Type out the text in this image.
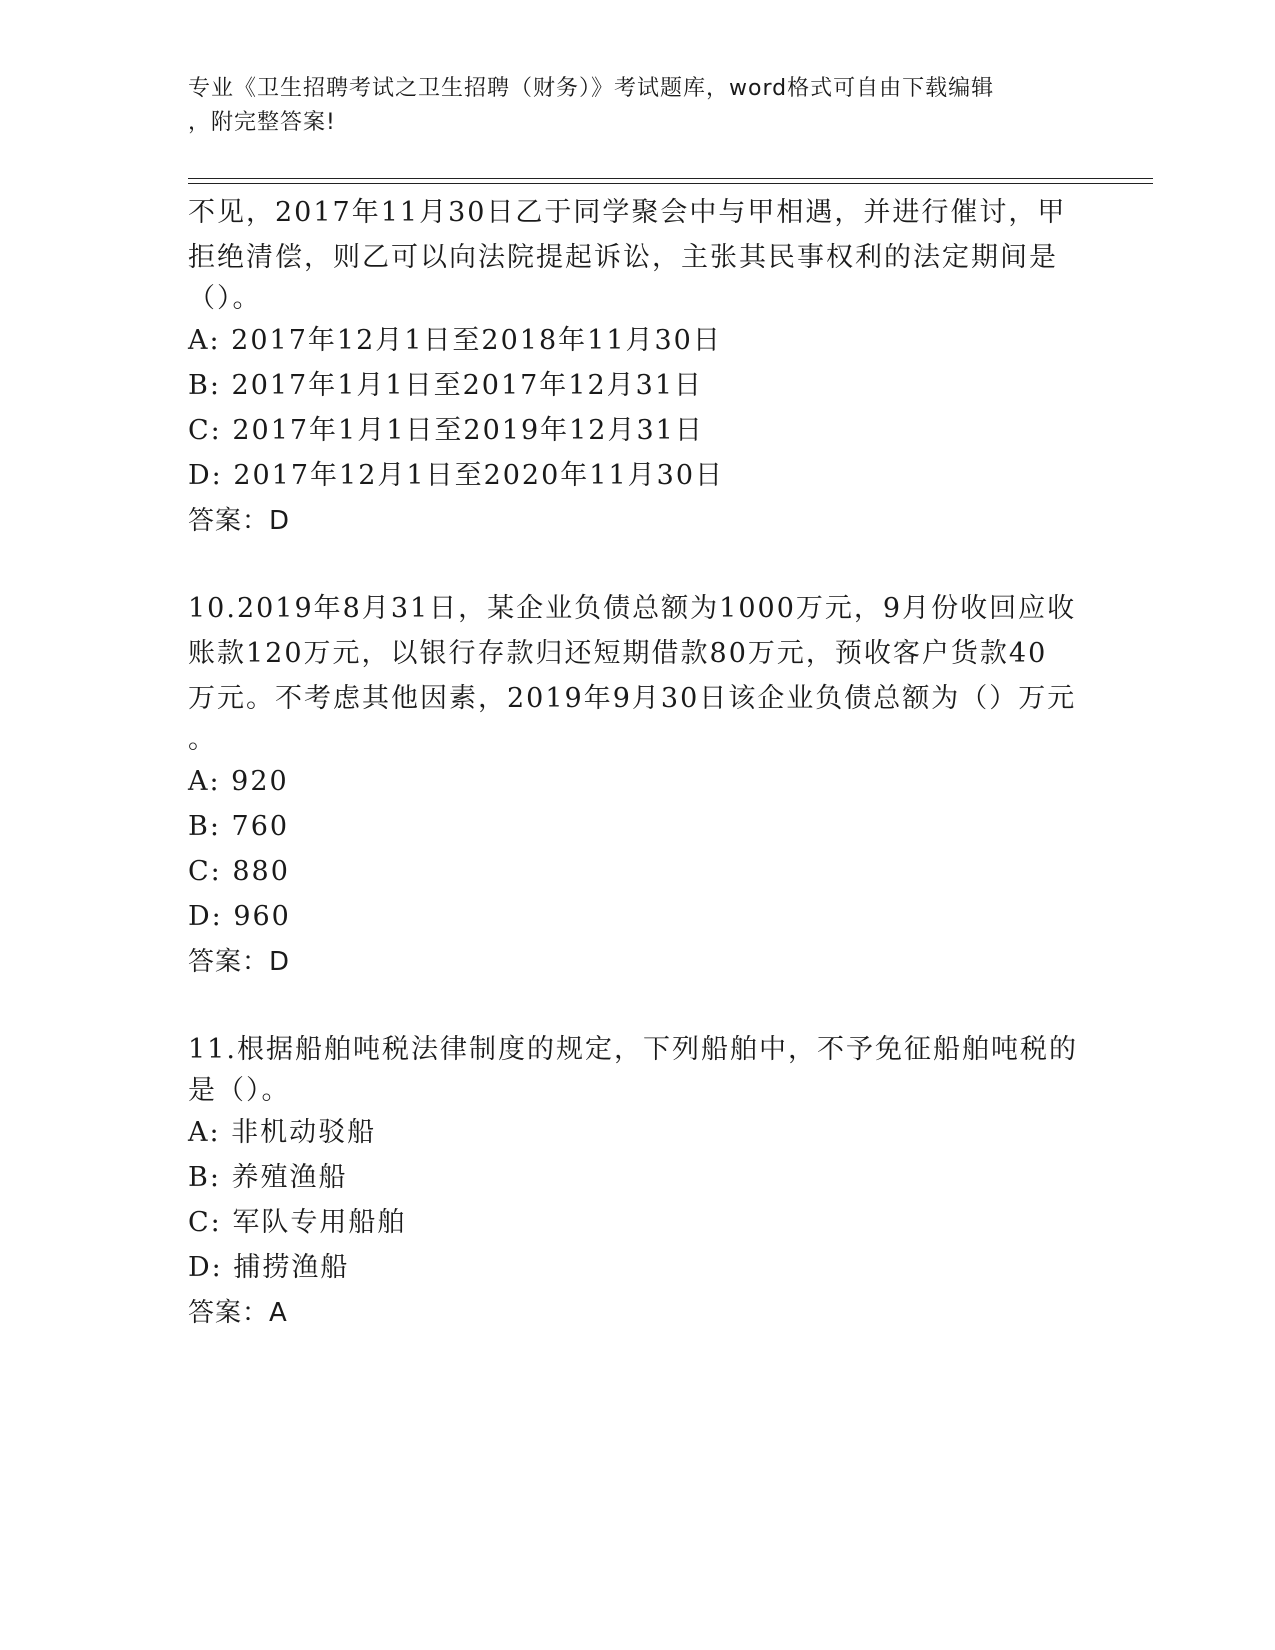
专业《卫生招聘考试之卫生招聘（财务）》考试题库，word格式可自由下载编辑
，附完整答案!
不见，2017年11月30日乙于同学聚会中与甲相遇，并进行催讨，甲
拒绝清偿，则乙可以向法院提起诉讼，主张其民事权利的法定期间是
（）。
A: 2017年12月1日至2018年11月30日
B: 2017年1月1日至2017年12月31日
C: 2017年1月1日至2019年12月31日
D: 2017年12月1日至2020年11月30日
答案：D
10.2019年8月31日，某企业负债总额为1000万元，9月份收回应收
账款120万元，以银行存款归还短期借款80万元，预收客户货款40
万元。不考虑其他因素，2019年9月30日该企业负债总额为（）万元
。
A: 920
B: 760
C: 880
D: 960
答案：D
11.根据船舶吨税法律制度的规定，下列船舶中，不予免征船舶吨税的
是（）。
A: 非机动驳船
B: 养殖渔船
C: 军队专用船舶
D: 捕捞渔船
答案：A
